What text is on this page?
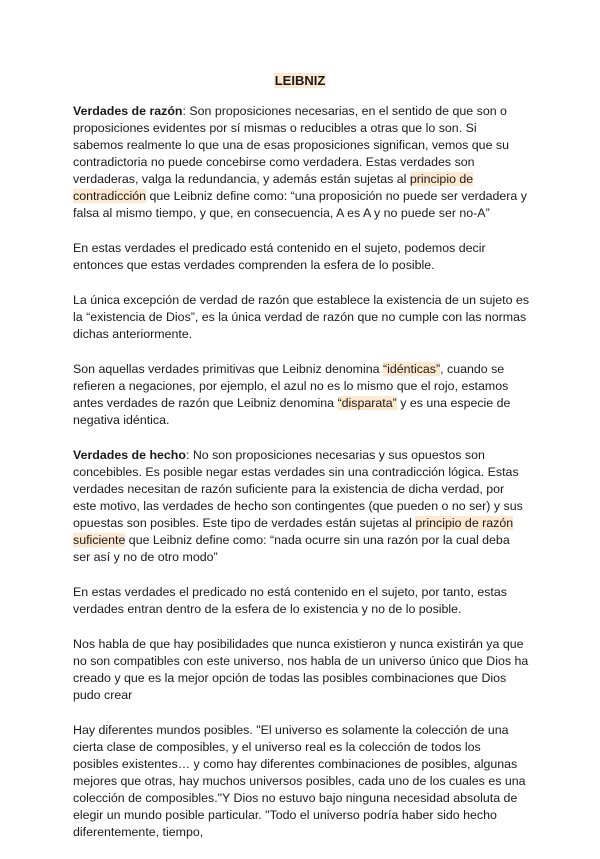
LEIBNIZ

Verdades de razón: Son proposiciones necesarias, en el sentido de que son o proposiciones evidentes por sí mismas o reducibles a otras que lo son. Si sabemos realmente lo que una de esas proposiciones significan, vemos que su contradictoria no puede concebirse como verdadera. Estas verdades son verdaderas, valga la redundancia, y además están sujetas al principio de contradicción que Leibniz define como: “una proposición no puede ser verdadera y falsa al mismo tiempo, y que, en consecuencia, A es A y no puede ser no-A”

En estas verdades el predicado está contenido en el sujeto, podemos decir entonces que estas verdades comprenden la esfera de lo posible.

La única excepción de verdad de razón que establece la existencia de un sujeto es la “existencia de Dios”, es la única verdad de razón que no cumple con las normas dichas anteriormente.

Son aquellas verdades primitivas que Leibniz denomina “idénticas”, cuando se refieren a negaciones, por ejemplo, el azul no es lo mismo que el rojo, estamos antes verdades de razón que Leibniz denomina “disparata” y es una especie de negativa idéntica.

Verdades de hecho: No son proposiciones necesarias y sus opuestos son concebibles. Es posible negar estas verdades sin una contradicción lógica. Estas verdades necesitan de razón suficiente para la existencia de dicha verdad, por este motivo, las verdades de hecho son contingentes (que pueden o no ser) y sus opuestas son posibles. Este tipo de verdades están sujetas al principio de razón suficiente que Leibniz define como: “nada ocurre sin una razón por la cual deba ser así y no de otro modo”

En estas verdades el predicado no está contenido en el sujeto, por tanto, estas verdades entran dentro de la esfera de lo existencia y no de lo posible.

Nos habla de que hay posibilidades que nunca existieron y nunca existirán ya que no son compatibles con este universo, nos habla de un universo único que Dios ha creado y que es la mejor opción de todas las posibles combinaciones que Dios pudo crear

Hay diferentes mundos posibles. "El universo es solamente la colección de una cierta clase de composibles, y el universo real es la colección de todos los posibles existentes… y como hay diferentes combinaciones de posibles, algunas mejores que otras, hay muchos universos posibles, cada uno de los cuales es una colección de composibles."Y Dios no estuvo bajo ninguna necesidad absoluta de elegir un mundo posible particular. "Todo el universo podría haber sido hecho diferentemente, tiempo,
